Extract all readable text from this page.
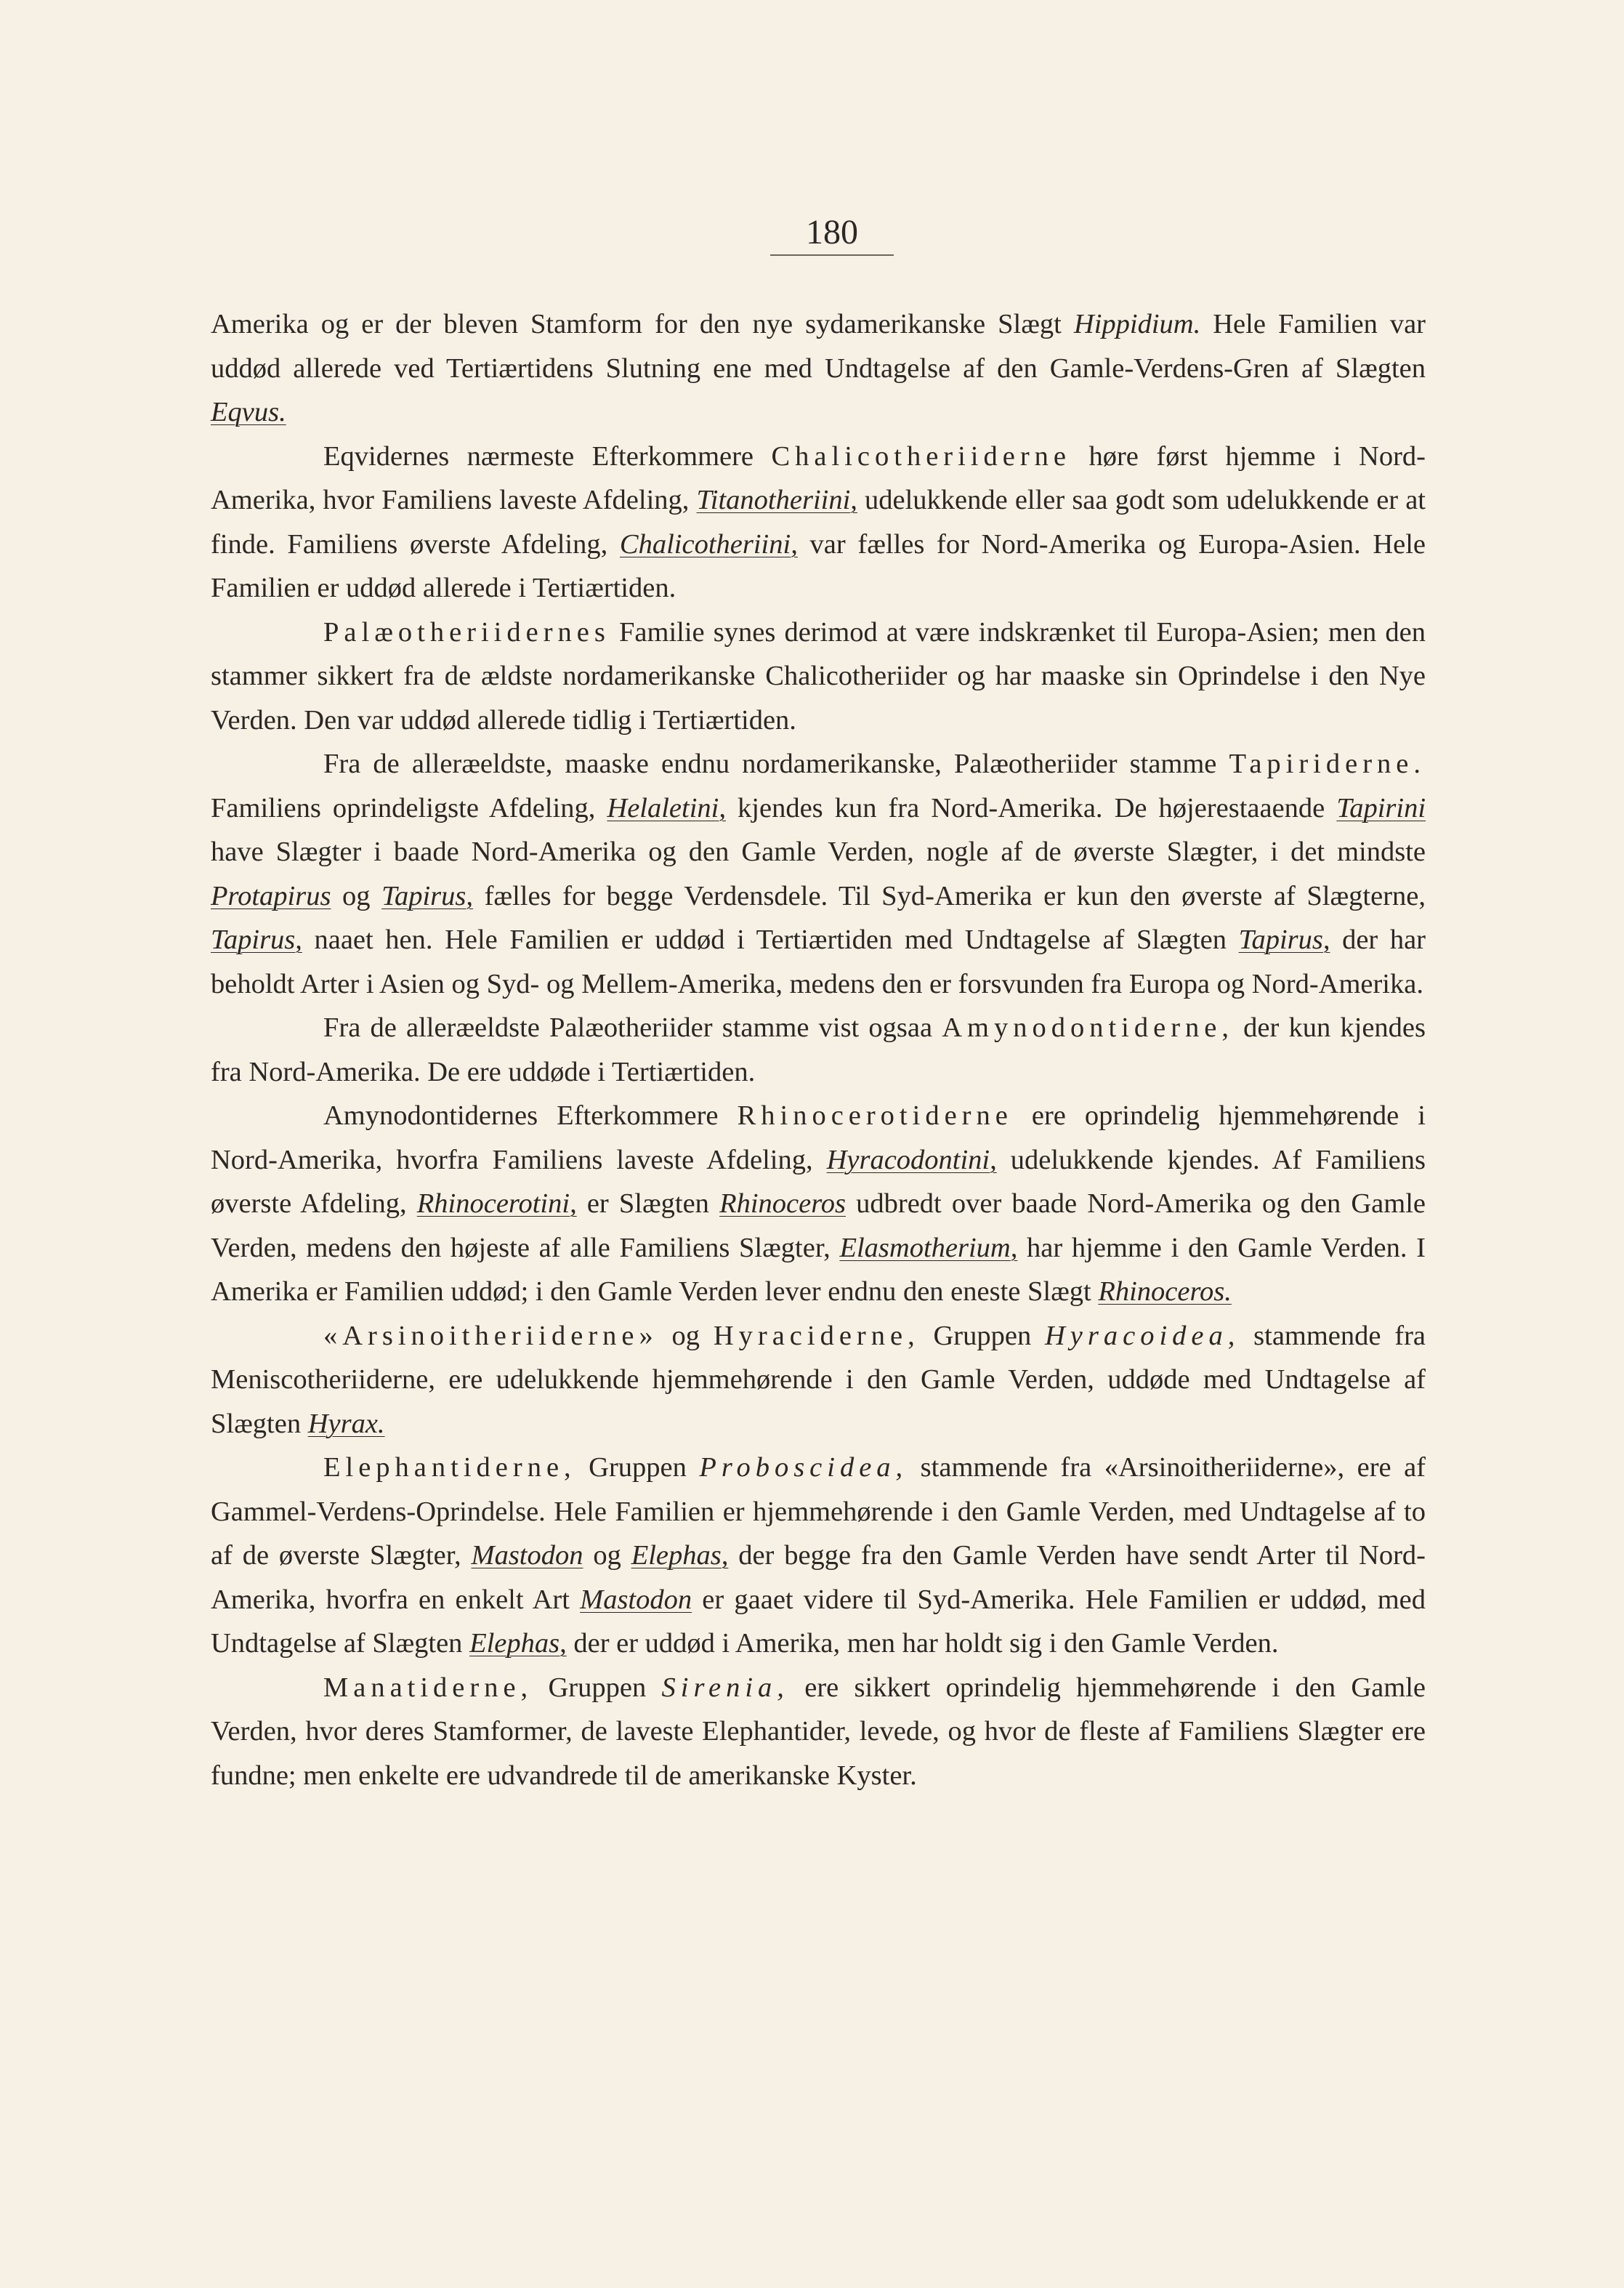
180

Amerika og er der bleven Stamform for den nye sydamerikanske Slægt Hippidium. Hele Familien var uddød allerede ved Tertiærtidens Slutning ene med Undtagelse af den Gamle-Verdens-Gren af Slægten Eqvus.

Eqvidernes nærmeste Efterkommere Chalicotheriiderne høre først hjemme i Nord-Amerika, hvor Familiens laveste Afdeling, Titanotheriini, udelukkende eller saa godt som udelukkende er at finde. Familiens øverste Afdeling, Chalicotheriini, var fælles for Nord-Amerika og Europa-Asien. Hele Familien er uddød allerede i Tertiærtiden.

Palæotheriidernes Familie synes derimod at være indskrænket til Europa-Asien; men den stammer sikkert fra de ældste nordamerikanske Chalicotheriider og har maaske sin Oprindelse i den Nye Verden. Den var uddød allerede tidlig i Tertiærtiden.

Fra de alleræeldste, maaske endnu nordamerikanske, Palæotheriider stamme Tapiriderne. Familiens oprindeligste Afdeling, Helaletini, kjendes kun fra Nord-Amerika. De højerestaaende Tapirini have Slægter i baade Nord-Amerika og den Gamle Verden, nogle af de øverste Slægter, i det mindste Protapirus og Tapirus, fælles for begge Verdensdele. Til Syd-Amerika er kun den øverste af Slægterne, Tapirus, naaet hen. Hele Familien er uddød i Tertiærtiden med Undtagelse af Slægten Tapirus, der har beholdt Arter i Asien og Syd- og Mellem-Amerika, medens den er forsvunden fra Europa og Nord-Amerika.

Fra de alleræeldste Palæotheriider stamme vist ogsaa Amynodontiderne, der kun kjendes fra Nord-Amerika. De ere uddøde i Tertiærtiden.

Amynodontidernes Efterkommere Rhinocerotiderne ere oprindelig hjemmehørende i Nord-Amerika, hvorfra Familiens laveste Afdeling, Hyracodontini, udelukkende kjendes. Af Familiens øverste Afdeling, Rhinocerotini, er Slægten Rhinoceros udbredt over baade Nord-Amerika og den Gamle Verden, medens den højeste af alle Familiens Slægter, Elasmotherium, har hjemme i den Gamle Verden. I Amerika er Familien uddød; i den Gamle Verden lever endnu den eneste Slægt Rhinoceros.

«Arsinoitheriiderne» og Hyraciderne, Gruppen Hyracoidea, stammende fra Meniscotheriiderne, ere udelukkende hjemmehørende i den Gamle Verden, uddøde med Undtagelse af Slægten Hyrax.

Elephantiderne, Gruppen Proboscidea, stammende fra «Arsinoitheriiderne», ere af Gammel-Verdens-Oprindelse. Hele Familien er hjemmehørende i den Gamle Verden, med Undtagelse af to af de øverste Slægter, Mastodon og Elephas, der begge fra den Gamle Verden have sendt Arter til Nord-Amerika, hvorfra en enkelt Art Mastodon er gaaet videre til Syd-Amerika. Hele Familien er uddød, med Undtagelse af Slægten Elephas, der er uddød i Amerika, men har holdt sig i den Gamle Verden.

Manatiderne, Gruppen Sirenia, ere sikkert oprindelig hjemmehørende i den Gamle Verden, hvor deres Stamformer, de laveste Elephantider, levede, og hvor de fleste af Familiens Slægter ere fundne; men enkelte ere udvandrede til de amerikanske Kyster.
